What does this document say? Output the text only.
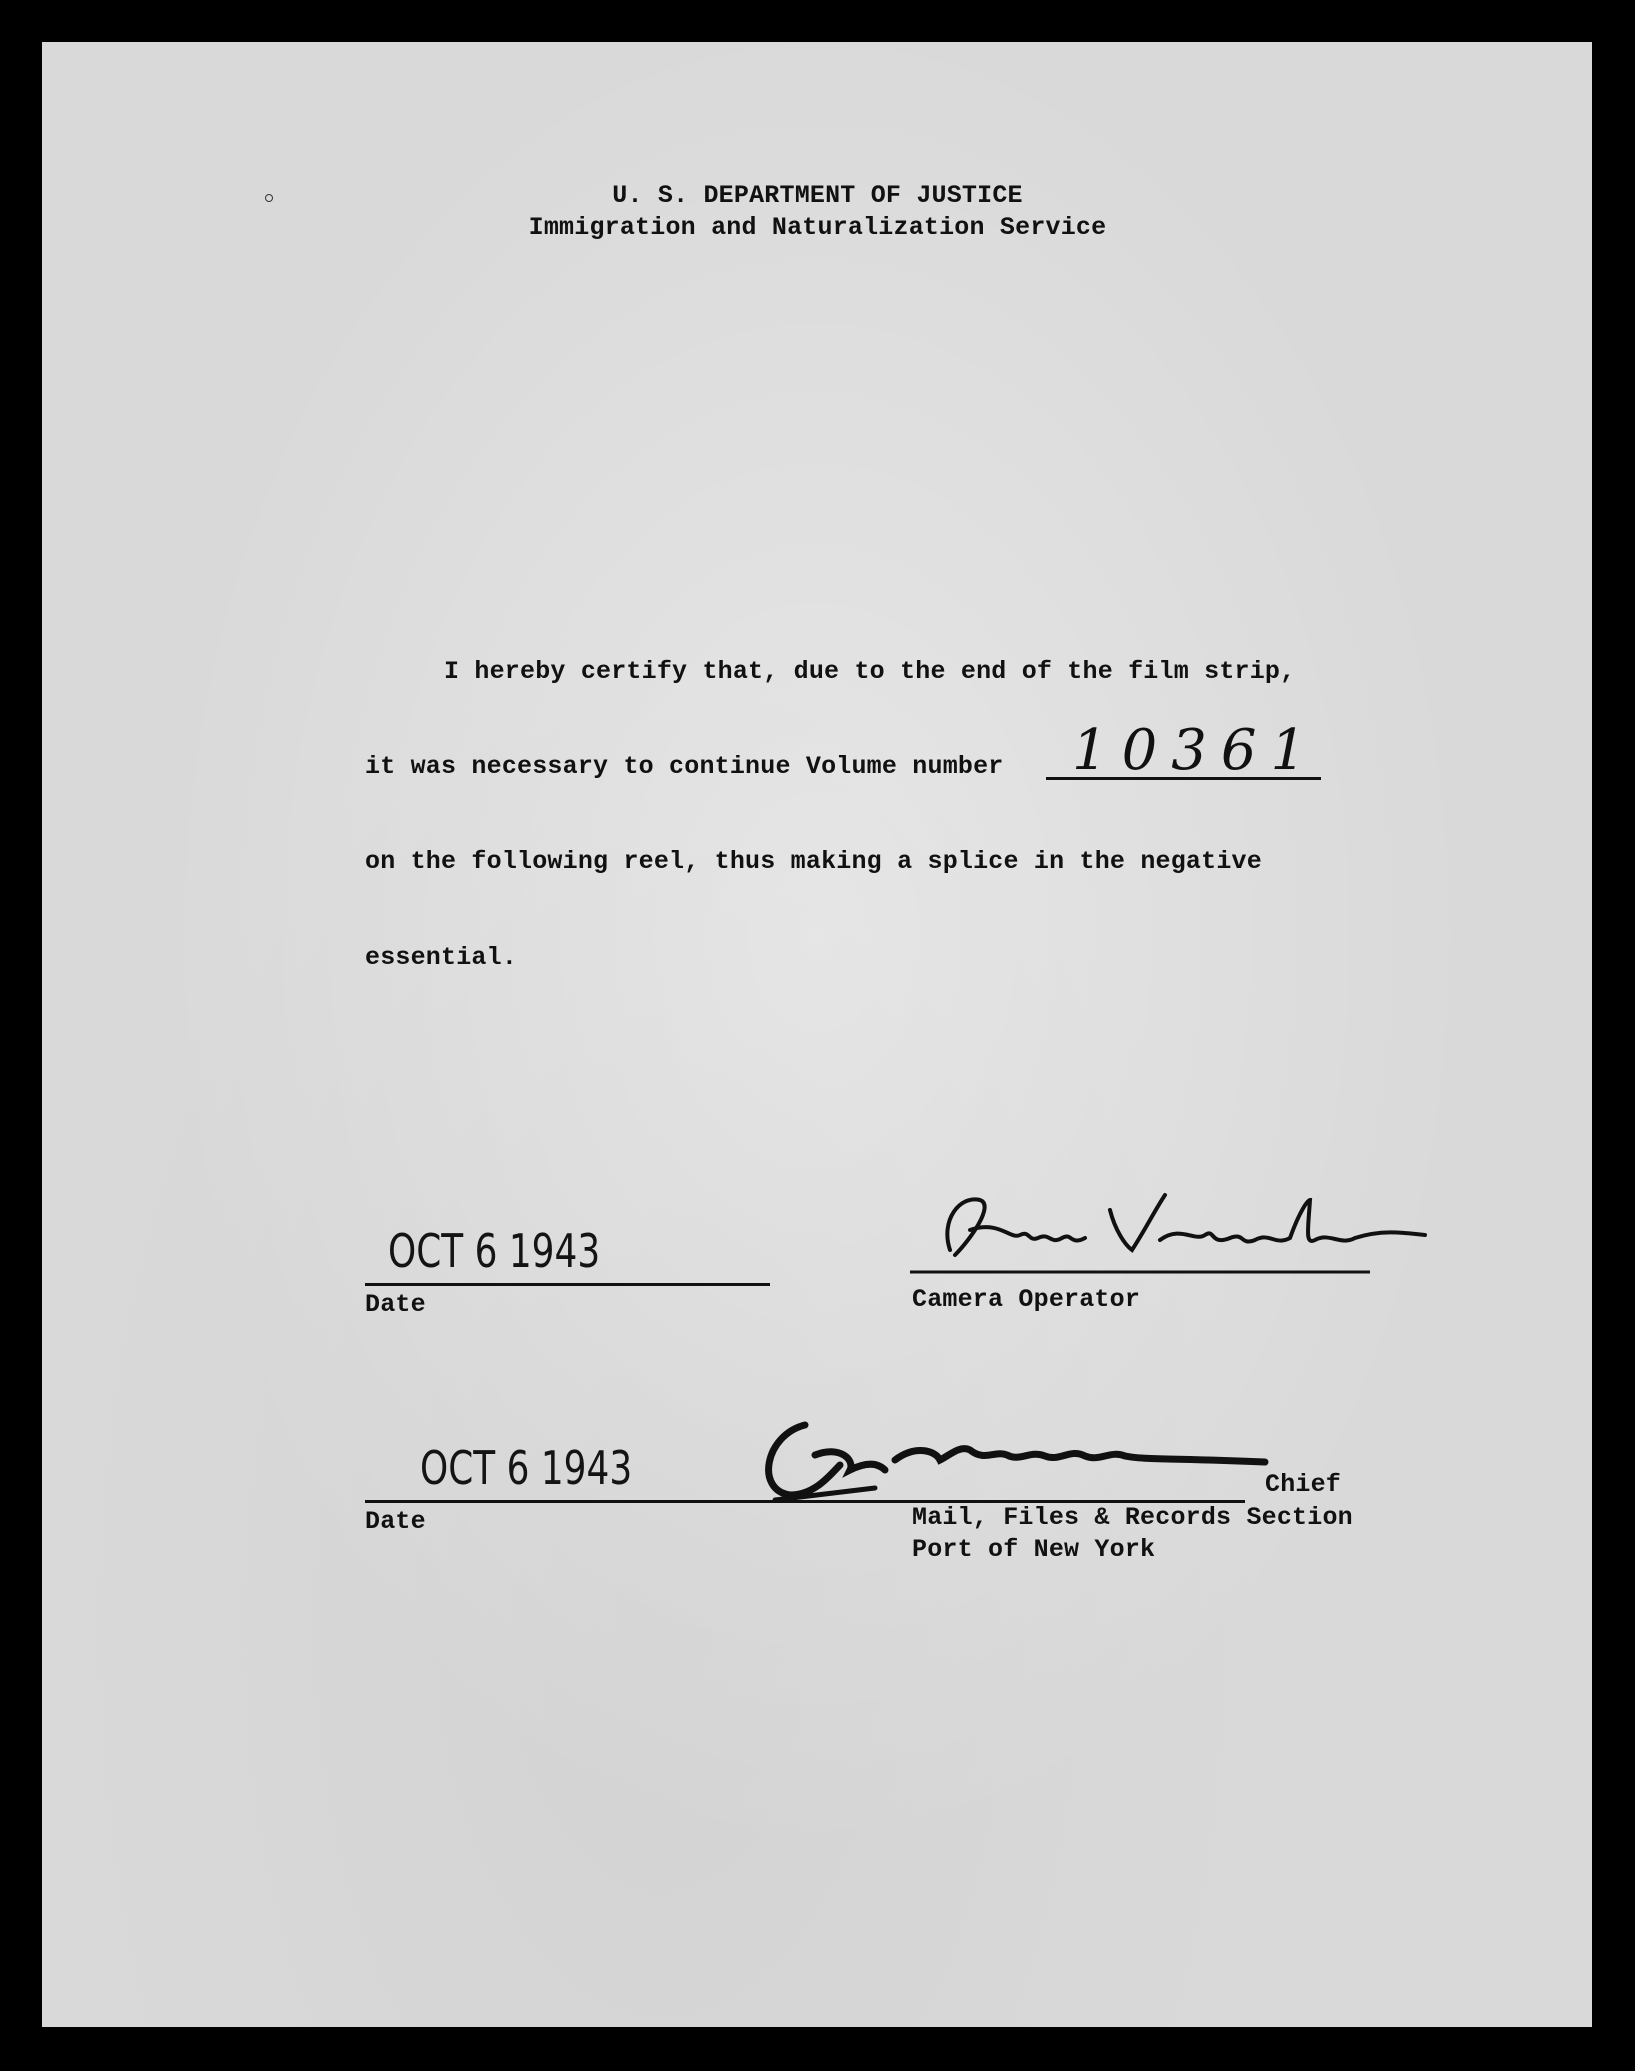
U. S. DEPARTMENT OF JUSTICE
Immigration and Naturalization Service
I hereby certify that, due to the end of the film strip,
it was necessary to continue Volume number 10361
on the following reel, thus making a splice in the negative
essential.
OCT 6 1943
Date	Camera Operator
OCT 6 1943
Date
Chief
Mail, Files & Records Section
Port of New York
